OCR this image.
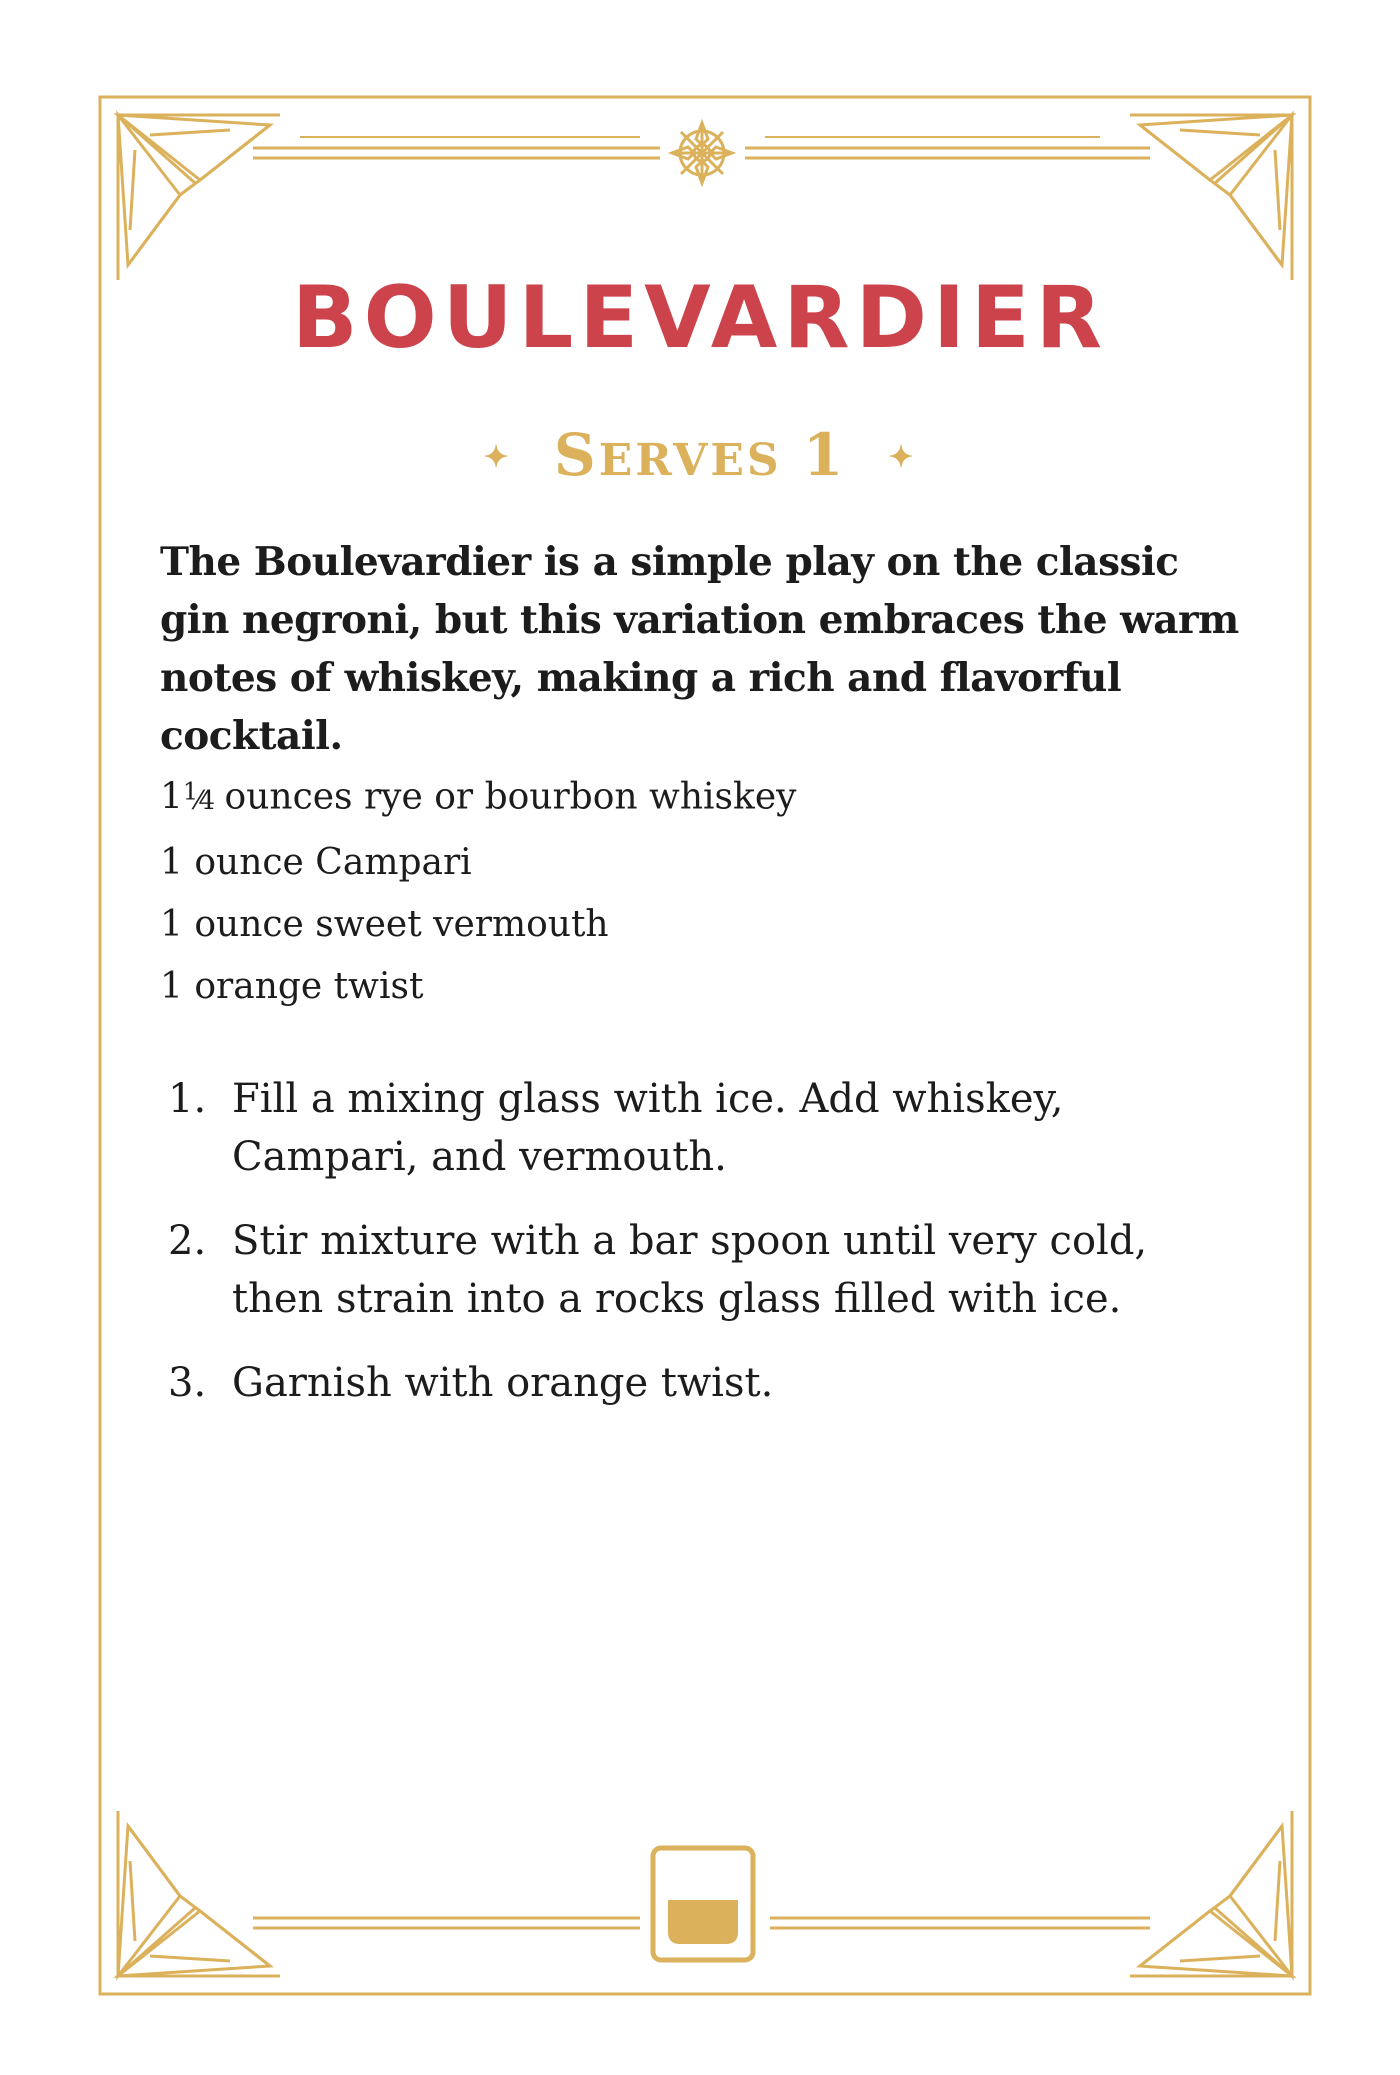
BOULEVARDIER
✦ SERVES 1 ✦

The Boulevardier is a simple play on the classic gin negroni, but this variation embraces the warm notes of whiskey, making a rich and flavorful cocktail.

$1^1⁄4$ ounces rye or bourbon whiskey
1 ounce Campari
1 ounce sweet vermouth
1 orange twist
1. Fill a mixing glass with ice. Add whiskey, Campari, and vermouth.
2. Stir mixture with a bar spoon until very cold, then strain into a rocks glass filled with ice.
3. Garnish with orange twist.
